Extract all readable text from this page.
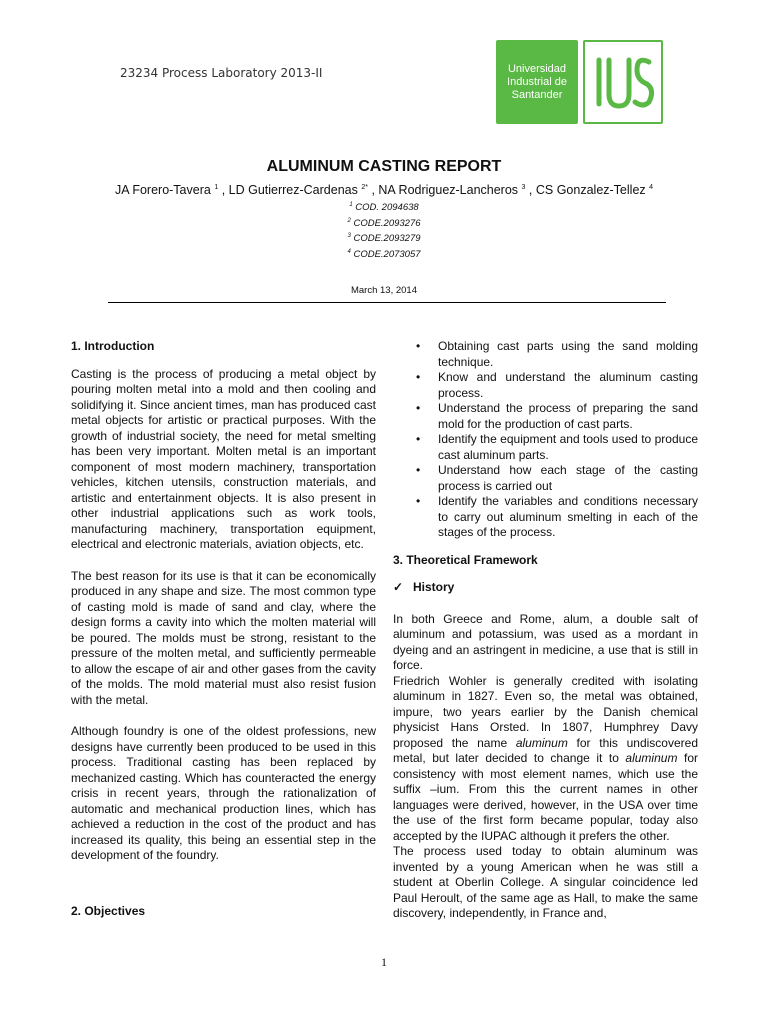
23234 Process Laboratory 2013-II	Universidad
Industrial de
Santander
ALUMINUM CASTING REPORT
JA Forero-Tavera $^1$ , LD Gutierrez-Cardenas $^{2*}$ , NA Rodriguez-Lancheros $^3$ , CS Gonzalez-Tellez $^4$
$^1$ COD. 2094638
$^2$ CODE.2093276
$^3$ CODE.2093279
$^4$ CODE.2073057
March 13, 2014

1. Introduction

Casting is the process of producing a metal object by pouring molten metal into a mold and then cooling and solidifying it. Since ancient times, man has produced cast metal objects for artistic or practical purposes. With the growth of industrial society, the need for metal smelting has been very important. Molten metal is an important component of most modern machinery, transportation vehicles, kitchen utensils, construction materials, and artistic and entertainment objects. It is also present in other industrial applications such as work tools, manufacturing machinery, transportation equipment, electrical and electronic materials, aviation objects, etc.

The best reason for its use is that it can be economically produced in any shape and size. The most common type of casting mold is made of sand and clay, where the design forms a cavity into which the molten material will be poured. The molds must be strong, resistant to the pressure of the molten metal, and sufficiently permeable to allow the escape of air and other gases from the cavity of the molds. The mold material must also resist fusion with the metal.

Although foundry is one of the oldest professions, new designs have currently been produced to be used in this process. Traditional casting has been replaced by mechanized casting. Which has counteracted the energy crisis in recent years, through the rationalization of automatic and mechanical production lines, which has achieved a reduction in the cost of the product and has increased its quality, this being an essential step in the development of the foundry.

2. Objectives

• Obtaining cast parts using the sand molding technique.
• Know and understand the aluminum casting process.
• Understand the process of preparing the sand mold for the production of cast parts.
• Identify the equipment and tools used to produce cast aluminum parts.
• Understand how each stage of the casting process is carried out
• Identify the variables and conditions necessary to carry out aluminum smelting in each of the stages of the process.

3. Theoretical Framework

✓ History

In both Greece and Rome, alum, a double salt of aluminum and potassium, was used as a mordant in dyeing and an astringent in medicine, a use that is still in force.

Friedrich Wohler is generally credited with isolating aluminum in 1827. Even so, the metal was obtained, impure, two years earlier by the Danish chemical physicist Hans Orsted. In 1807, Humphrey Davy proposed the name aluminum for this undiscovered metal, but later decided to change it to aluminum for consistency with most element names, which use the suffix –ium. From this the current names in other languages were derived, however, in the USA over time the use of the first form became popular, today also accepted by the IUPAC although it prefers the other.

The process used today to obtain aluminum was invented by a young American when he was still a student at Oberlin College. A singular coincidence led Paul Heroult, of the same age as Hall, to make the same discovery, independently, in France and,

1
